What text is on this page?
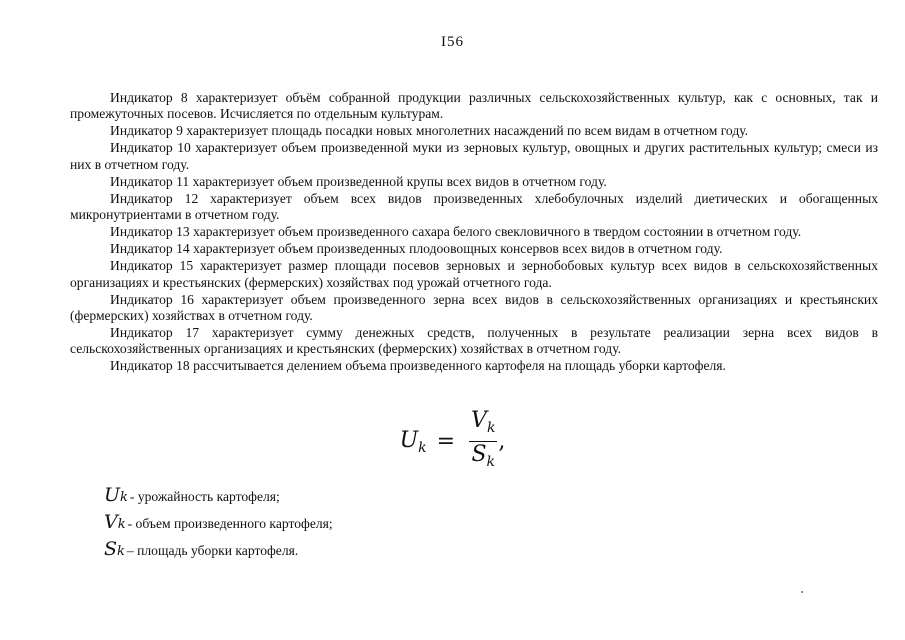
I56

Индикатор 8 характеризует объём собранной продукции различных сельскохозяйственных культур, как с основных, так и промежуточных посевов. Исчисляется по отдельным культурам.

Индикатор 9 характеризует площадь посадки новых многолетних насаждений по всем видам в отчетном году.

Индикатор 10 характеризует объем произведенной муки из зерновых культур, овощных и других растительных культур; смеси из них в отчетном году.

Индикатор 11 характеризует объем произведенной крупы всех видов в отчетном году.

Индикатор 12 характеризует объем всех видов произведенных хлебобулочных изделий диетических и обогащенных микронутриентами в отчетном году.

Индикатор 13 характеризует объем произведенного сахара белого свекловичного в твердом состоянии в отчетном году.

Индикатор 14 характеризует объем произведенных плодоовощных консервов всех видов в отчетном году.

Индикатор 15 характеризует размер площади посевов зерновых и зернобобовых культур всех видов в сельскохозяйственных организациях и крестьянских (фермерских) хозяйствах под урожай отчетного года.

Индикатор 16 характеризует объем произведенного зерна всех видов в сельскохозяйственных организациях и крестьянских (фермерских) хозяйствах в отчетном году.

Индикатор 17 характеризует сумму денежных средств, полученных в результате реализации зерна всех видов в сельскохозяйственных организациях и крестьянских (фермерских) хозяйствах в отчетном году.

Индикатор 18 рассчитывается делением объема произведенного картофеля на площадь уборки картофеля.

$Uk = \frac{Vk}{Sk}$ ,
U k - урожайность картофеля;
V k - объем произведенного картофеля;
S k – площадь уборки картофеля.
